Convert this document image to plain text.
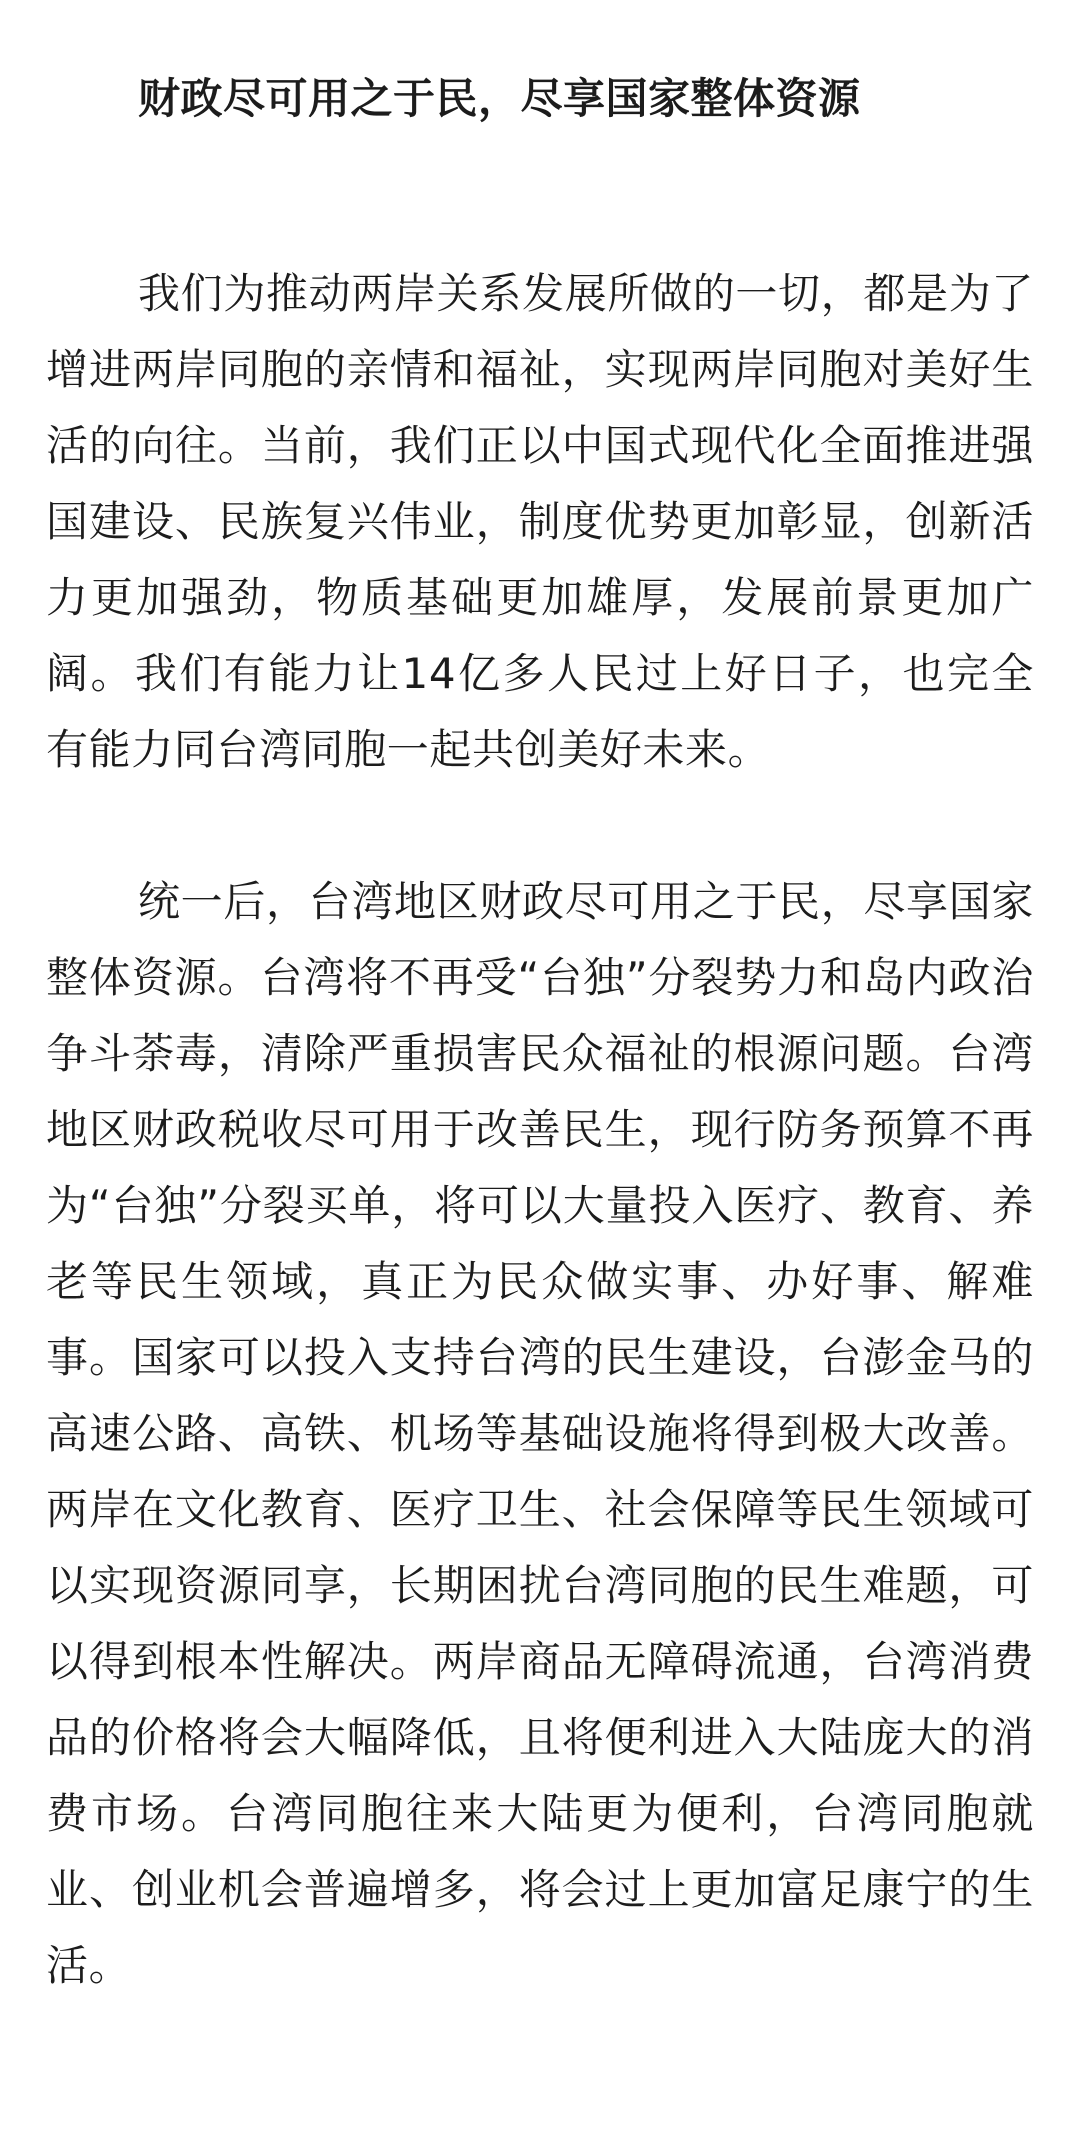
财政尽可用之于民，尽享国家整体资源

我们为推动两岸关系发展所做的一切，都是为了增进两岸同胞的亲情和福祉，实现两岸同胞对美好生活的向往。当前，我们正以中国式现代化全面推进强国建设、民族复兴伟业，制度优势更加彰显，创新活力更加强劲，物质基础更加雄厚，发展前景更加广阔。我们有能力让14亿多人民过上好日子，也完全有能力同台湾同胞一起共创美好未来。

统一后，台湾地区财政尽可用之于民，尽享国家整体资源。台湾将不再受“台独”分裂势力和岛内政治争斗荼毒，清除严重损害民众福祉的根源问题。台湾地区财政税收尽可用于改善民生，现行防务预算不再为“台独”分裂买单，将可以大量投入医疗、教育、养老等民生领域，真正为民众做实事、办好事、解难事。国家可以投入支持台湾的民生建设，台澎金马的高速公路、高铁、机场等基础设施将得到极大改善。两岸在文化教育、医疗卫生、社会保障等民生领域可以实现资源同享，长期困扰台湾同胞的民生难题，可以得到根本性解决。两岸商品无障碍流通，台湾消费品的价格将会大幅降低，且将便利进入大陆庞大的消费市场。台湾同胞往来大陆更为便利，台湾同胞就业、创业机会普遍增多，将会过上更加富足康宁的生活。
